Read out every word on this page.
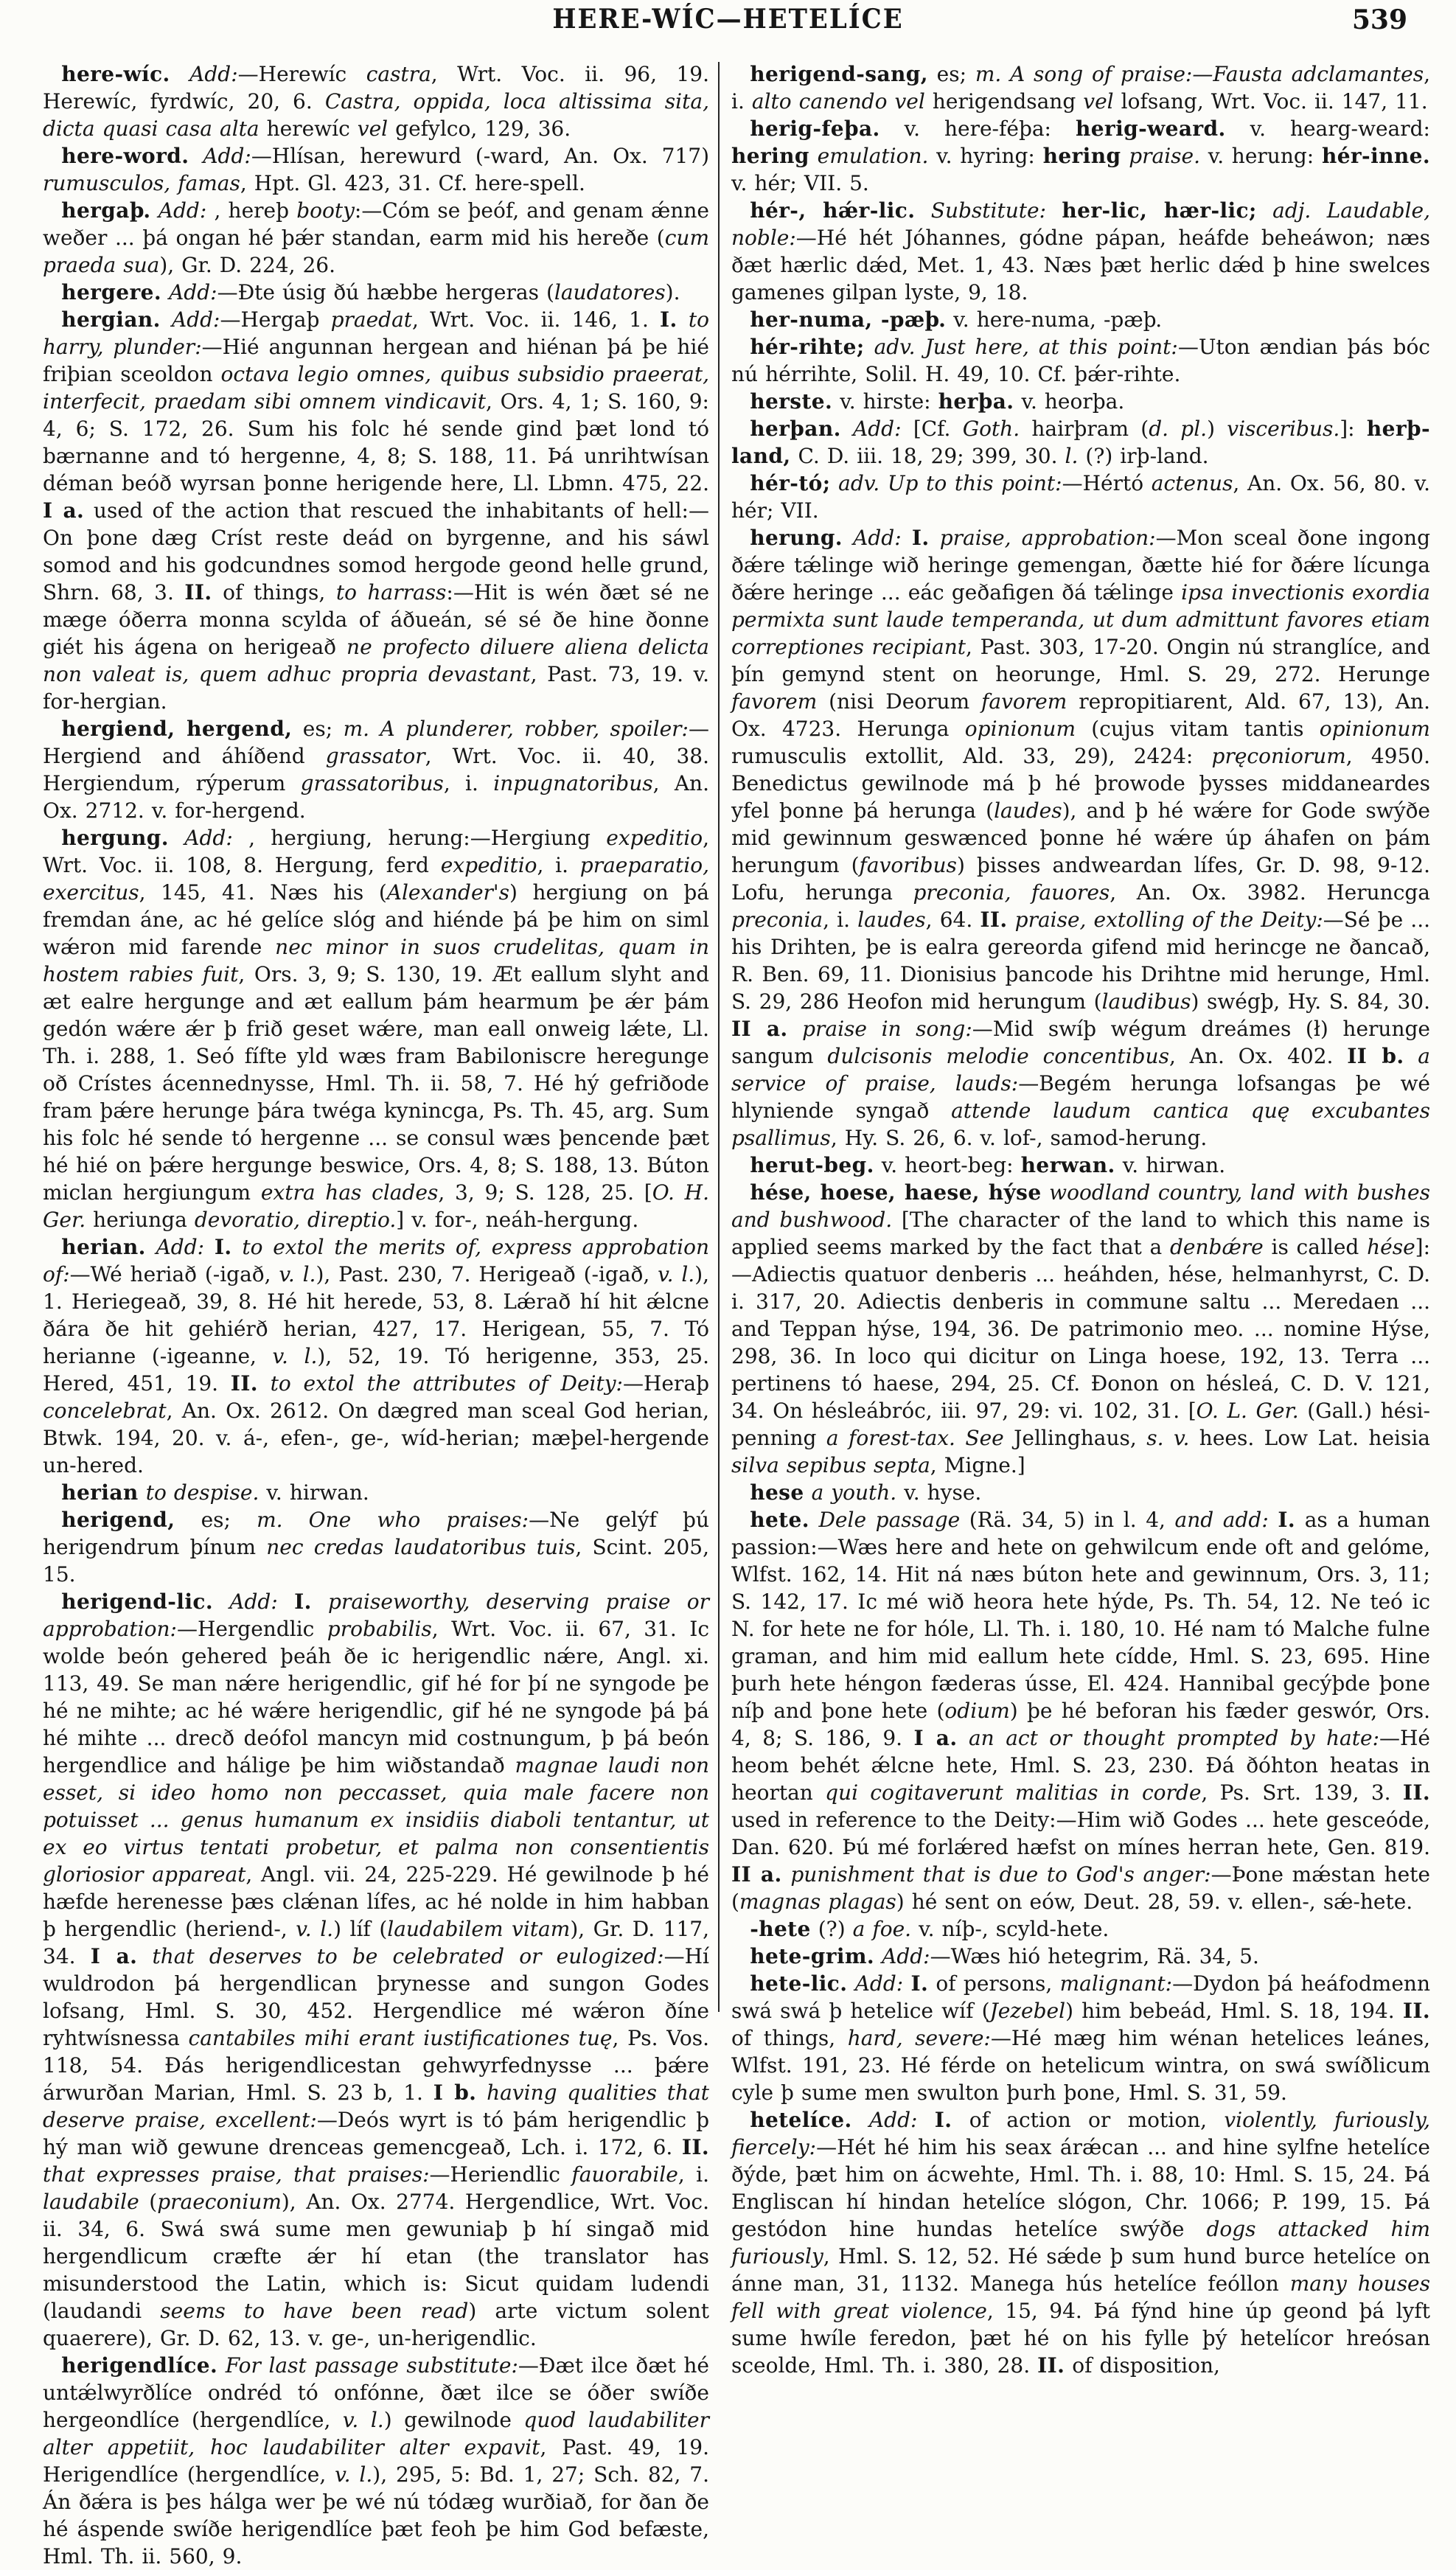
HERE-WÍC—HETELÍCE	539

here-wíc. Add:—Herewíc castra, Wrt. Voc. ii. 96, 19. Herewíc, fyrdwíc, 20, 6. Castra, oppida, loca altissima sita, dicta quasi casa alta herewíc vel gefylco, 129, 36.

here-word. Add:—Hlísan, herewurd (-ward, An. Ox. 717) rumusculos, famas, Hpt. Gl. 423, 31. Cf. here-spell.

hergaþ. Add: , hereþ booty:—Cóm se þeóf, and genam ǽnne weðer ... þá ongan hé þǽr standan, earm mid his hereðe (cum praeda sua), Gr. D. 224, 26.

hergere. Add:—Ðte úsig ðú hæbbe hergeras (laudatores).

hergian. Add:—Hergaþ praedat, Wrt. Voc. ii. 146, 1. I. to harry, plunder:—Hié angunnan hergean and hiénan þá þe hié friþian sceoldon octava legio omnes, quibus subsidio praeerat, interfecit, praedam sibi omnem vindicavit, Ors. 4, 1; S. 160, 9: 4, 6; S. 172, 26. Sum his folc hé sende gind þæt lond tó bærnanne and tó hergenne, 4, 8; S. 188, 11. Þá unrihtwísan déman beóð wyrsan þonne herigende here, Ll. Lbmn. 475, 22. I a. used of the action that rescued the inhabitants of hell:—On þone dæg Críst reste deád on byrgenne, and his sáwl somod and his godcundnes somod hergode geond helle grund, Shrn. 68, 3. II. of things, to harrass:—Hit is wén ðæt sé ne mæge óðerra monna scylda of áðueán, sé sé ðe hine ðonne giét his ágena on herigeað ne profecto diluere aliena delicta non valeat is, quem adhuc propria devastant, Past. 73, 19. v. for-hergian.

hergiend, hergend, es; m. A plunderer, robber, spoiler:—Hergiend and áhíðend grassator, Wrt. Voc. ii. 40, 38. Hergiendum, rýperum grassatoribus, i. inpugnatoribus, An. Ox. 2712. v. for-hergend.

hergung. Add: , hergiung, herung:—Hergiung expeditio, Wrt. Voc. ii. 108, 8. Hergung, ferd expeditio, i. praeparatio, exercitus, 145, 41. Næs his (Alexander's) hergiung on þá fremdan áne, ac hé gelíce slóg and hiénde þá þe him on siml wǽron mid farende nec minor in suos crudelitas, quam in hostem rabies fuit, Ors. 3, 9; S. 130, 19. Æt eallum slyht and æt ealre hergunge and æt eallum þám hearmum þe ǽr þám gedón wǽre ǽr þ frið geset wǽre, man eall onweig lǽte, Ll. Th. i. 288, 1. Seó fífte yld wæs fram Babiloniscre heregunge oð Crístes ácennednysse, Hml. Th. ii. 58, 7. Hé hý gefriðode fram þǽre herunge þára twéga kynincga, Ps. Th. 45, arg. Sum his folc hé sende tó hergenne ... se consul wæs þencende þæt hé hié on þǽre hergunge beswice, Ors. 4, 8; S. 188, 13. Búton miclan hergiungum extra has clades, 3, 9; S. 128, 25. [O. H. Ger. heriunga devoratio, direptio.] v. for-, neáh-hergung.

herian. Add: I. to extol the merits of, express approbation of:—Wé heriað (-igað, v. l.), Past. 230, 7. Herigeað (-igað, v. l.), 1. Heriegeað, 39, 8. Hé hit herede, 53, 8. Lǽrað hí hit ǽlcne ðára ðe hit gehiérð herian, 427, 17. Herigean, 55, 7. Tó herianne (-igeanne, v. l.), 52, 19. Tó herigenne, 353, 25. Hered, 451, 19. II. to extol the attributes of Deity:—Heraþ concelebrat, An. Ox. 2612. On dægred man sceal God herian, Btwk. 194, 20. v. á-, efen-, ge-, wíd-herian; mæþel-hergende un-hered.

herian to despise. v. hirwan.

herigend, es; m. One who praises:—Ne gelýf þú herigendrum þínum nec credas laudatoribus tuis, Scint. 205, 15.

herigend-lic. Add: I. praiseworthy, deserving praise or approbation:—Hergendlic probabilis, Wrt. Voc. ii. 67, 31. Ic wolde beón gehered þeáh ðe ic herigendlic nǽre, Angl. xi. 113, 49. Se man nǽre herigendlic, gif hé for þí ne syngode þe hé ne mihte; ac hé wǽre herigendlic, gif hé ne syngode þá þá hé mihte ... drecð deófol mancyn mid costnungum, þ þá beón hergendlice and hálige þe him wiðstandað magnae laudi non esset, si ideo homo non peccasset, quia male facere non potuisset ... genus humanum ex insidiis diaboli tentantur, ut ex eo virtus tentati probetur, et palma non consentientis gloriosior appareat, Angl. vii. 24, 225-229. Hé gewilnode þ hé hæfde herenesse þæs clǽnan lífes, ac hé nolde in him habban þ hergendlic (heriend-, v. l.) líf (laudabilem vitam), Gr. D. 117, 34. I a. that deserves to be celebrated or eulogized:—Hí wuldrodon þá hergendlican þrynesse and sungon Godes lofsang, Hml. S. 30, 452. Hergendlice mé wǽron ðíne ryhtwísnessa cantabiles mihi erant iustificationes tuę, Ps. Vos. 118, 54. Ðás herigendlicestan gehwyrfednysse ... þǽre árwurðan Marian, Hml. S. 23 b, 1. I b. having qualities that deserve praise, excellent:—Deós wyrt is tó þám herigendlic þ hý man wið gewune drenceas gemencgeað, Lch. i. 172, 6. II. that expresses praise, that praises:—Heriendlic fauorabile, i. laudabile (praeconium), An. Ox. 2774. Hergendlice, Wrt. Voc. ii. 34, 6. Swá swá sume men gewuniaþ þ hí singað mid hergendlicum cræfte ǽr hí etan (the translator has misunderstood the Latin, which is: Sicut quidam ludendi (laudandi seems to have been read) arte victum solent quaerere), Gr. D. 62, 13. v. ge-, un-herigendlic.

herigendlíce. For last passage substitute:—Ðæt ilce ðæt hé untǽlwyrðlíce ondréd tó onfónne, ðæt ilce se óðer swíðe hergeondlíce (hergendlíce, v. l.) gewilnode quod laudabiliter alter appetiit, hoc laudabiliter alter expavit, Past. 49, 19. Herigendlíce (hergendlíce, v. l.), 295, 5: Bd. 1, 27; Sch. 82, 7. Án ðǽra is þes hálga wer þe wé nú tódæg wurðiað, for ðan ðe hé áspende swíðe herigendlíce þæt feoh þe him God befæste, Hml. Th. ii. 560, 9.

herigend-sang, es; m. A song of praise:—Fausta adclamantes, i. alto canendo vel herigendsang vel lofsang, Wrt. Voc. ii. 147, 11.

herig-feþa. v. here-féþa: herig-weard. v. hearg-weard: hering emulation. v. hyring: hering praise. v. herung: hér-inne. v. hér; VII. 5.

hér-, hǽr-lic. Substitute: her-lic, hær-lic; adj. Laudable, noble:—Hé hét Jóhannes, gódne pápan, heáfde beheáwon; næs ðæt hærlic dǽd, Met. 1, 43. Næs þæt herlic dǽd þ hine swelces gamenes gilpan lyste, 9, 18.

her-numa, -pæþ. v. here-numa, -pæþ.

hér-rihte; adv. Just here, at this point:—Uton ændian þás bóc nú hérrihte, Solil. H. 49, 10. Cf. þǽr-rihte.

herste. v. hirste: herþa. v. heorþa.

herþan. Add: [Cf. Goth. hairþram (d. pl.) visceribus.]: herþ-land, C. D. iii. 18, 29; 399, 30. l. (?) irþ-land.

hér-tó; adv. Up to this point:—Hértó actenus, An. Ox. 56, 80. v. hér; VII.

herung. Add: I. praise, approbation:—Mon sceal ðone ingong ðǽre tǽlinge wið heringe gemengan, ðætte hié for ðǽre lícunga ðǽre heringe ... eác geðafigen ðá tǽlinge ipsa invectionis exordia permixta sunt laude temperanda, ut dum admittunt favores etiam correptiones recipiant, Past. 303, 17-20. Ongin nú stranglíce, and þín gemynd stent on heorunge, Hml. S. 29, 272. Herunge favorem (nisi Deorum favorem repropitiarent, Ald. 67, 13), An. Ox. 4723. Herunga opinionum (cujus vitam tantis opinionum rumusculis extollit, Ald. 33, 29), 2424: pręconiorum, 4950. Benedictus gewilnode má þ hé þrowode þysses middaneardes yfel þonne þá herunga (laudes), and þ hé wǽre for Gode swýðe mid gewinnum geswænced þonne hé wǽre úp áhafen on þám herungum (favoribus) þisses andweardan lífes, Gr. D. 98, 9-12. Lofu, herunga preconia, fauores, An. Ox. 3982. Heruncga preconia, i. laudes, 64. II. praise, extolling of the Deity:—Sé þe ... his Drihten, þe is ealra gereorda gifend mid herincge ne ðancað, R. Ben. 69, 11. Dionisius þancode his Drihtne mid herunge, Hml. S. 29, 286 Heofon mid herungum (laudibus) swégþ, Hy. S. 84, 30. II a. praise in song:—Mid swíþ wégum dreámes (ł) herunge sangum dulcisonis melodie concentibus, An. Ox. 402. II b. a service of praise, lauds:—Begém herunga lofsangas þe wé hlyniende syngað attende laudum cantica quę excubantes psallimus, Hy. S. 26, 6. v. lof-, samod-herung.

herut-beg. v. heort-beg: herwan. v. hirwan.

hése, hoese, haese, hýse woodland country, land with bushes and bushwood. [The character of the land to which this name is applied seems marked by the fact that a denbǽre is called hése]:—Adiectis quatuor denberis ... heáhden, hése, helmanhyrst, C. D. i. 317, 20. Adiectis denberis in commune saltu ... Meredaen ... and Teppan hýse, 194, 36. De patrimonio meo. ... nomine Hýse, 298, 36. In loco qui dicitur on Linga hoese, 192, 13. Terra ... pertinens tó haese, 294, 25. Cf. Ðonon on hésleá, C. D. V. 121, 34. On hésleábróc, iii. 97, 29: vi. 102, 31. [O. L. Ger. (Gall.) hési-penning a forest-tax. See Jellinghaus, s. v. hees. Low Lat. heisia silva sepibus septa, Migne.]

hese a youth. v. hyse.

hete. Dele passage (Rä. 34, 5) in l. 4, and add: I. as a human passion:—Wæs here and hete on gehwilcum ende oft and gelóme, Wlfst. 162, 14. Hit ná næs búton hete and gewinnum, Ors. 3, 11; S. 142, 17. Ic mé wið heora hete hýde, Ps. Th. 54, 12. Ne teó ic N. for hete ne for hóle, Ll. Th. i. 180, 10. Hé nam tó Malche fulne graman, and him mid eallum hete cídde, Hml. S. 23, 695. Hine þurh hete héngon fæderas ússe, El. 424. Hannibal gecýþde þone níþ and þone hete (odium) þe hé beforan his fæder geswór, Ors. 4, 8; S. 186, 9. I a. an act or thought prompted by hate:—Hé heom behét ǽlcne hete, Hml. S. 23, 230. Ðá ðóhton heatas in heortan qui cogitaverunt malitias in corde, Ps. Srt. 139, 3. II. used in reference to the Deity:—Him wið Godes ... hete gesceóde, Dan. 620. Þú mé forlǽred hæfst on mínes herran hete, Gen. 819. II a. punishment that is due to God's anger:—Þone mǽstan hete (magnas plagas) hé sent on eów, Deut. 28, 59. v. ellen-, sǽ-hete.

-hete (?) a foe. v. níþ-, scyld-hete.

hete-grim. Add:—Wæs hió hetegrim, Rä. 34, 5.

hete-lic. Add: I. of persons, malignant:—Dydon þá heáfodmenn swá swá þ hetelice wíf (Jezebel) him bebeád, Hml. S. 18, 194. II. of things, hard, severe:—Hé mæg him wénan hetelices leánes, Wlfst. 191, 23. Hé férde on hetelicum wintra, on swá swíðlicum cyle þ sume men swulton þurh þone, Hml. S. 31, 59.

hetelíce. Add: I. of action or motion, violently, furiously, fiercely:—Hét hé him his seax árǽcan ... and hine sylfne hetelíce ðýde, þæt him on ácwehte, Hml. Th. i. 88, 10: Hml. S. 15, 24. Þá Engliscan hí hindan hetelíce slógon, Chr. 1066; P. 199, 15. Þá gestódon hine hundas hetelíce swýðe dogs attacked him furiously, Hml. S. 12, 52. Hé sǽde þ sum hund burce hetelíce on ánne man, 31, 1132. Manega hús hetelíce feóllon many houses fell with great violence, 15, 94. Þá fýnd hine úp geond þá lyft sume hwíle feredon, þæt hé on his fylle þý hetelícor hreósan sceolde, Hml. Th. i. 380, 28. II. of disposition,
